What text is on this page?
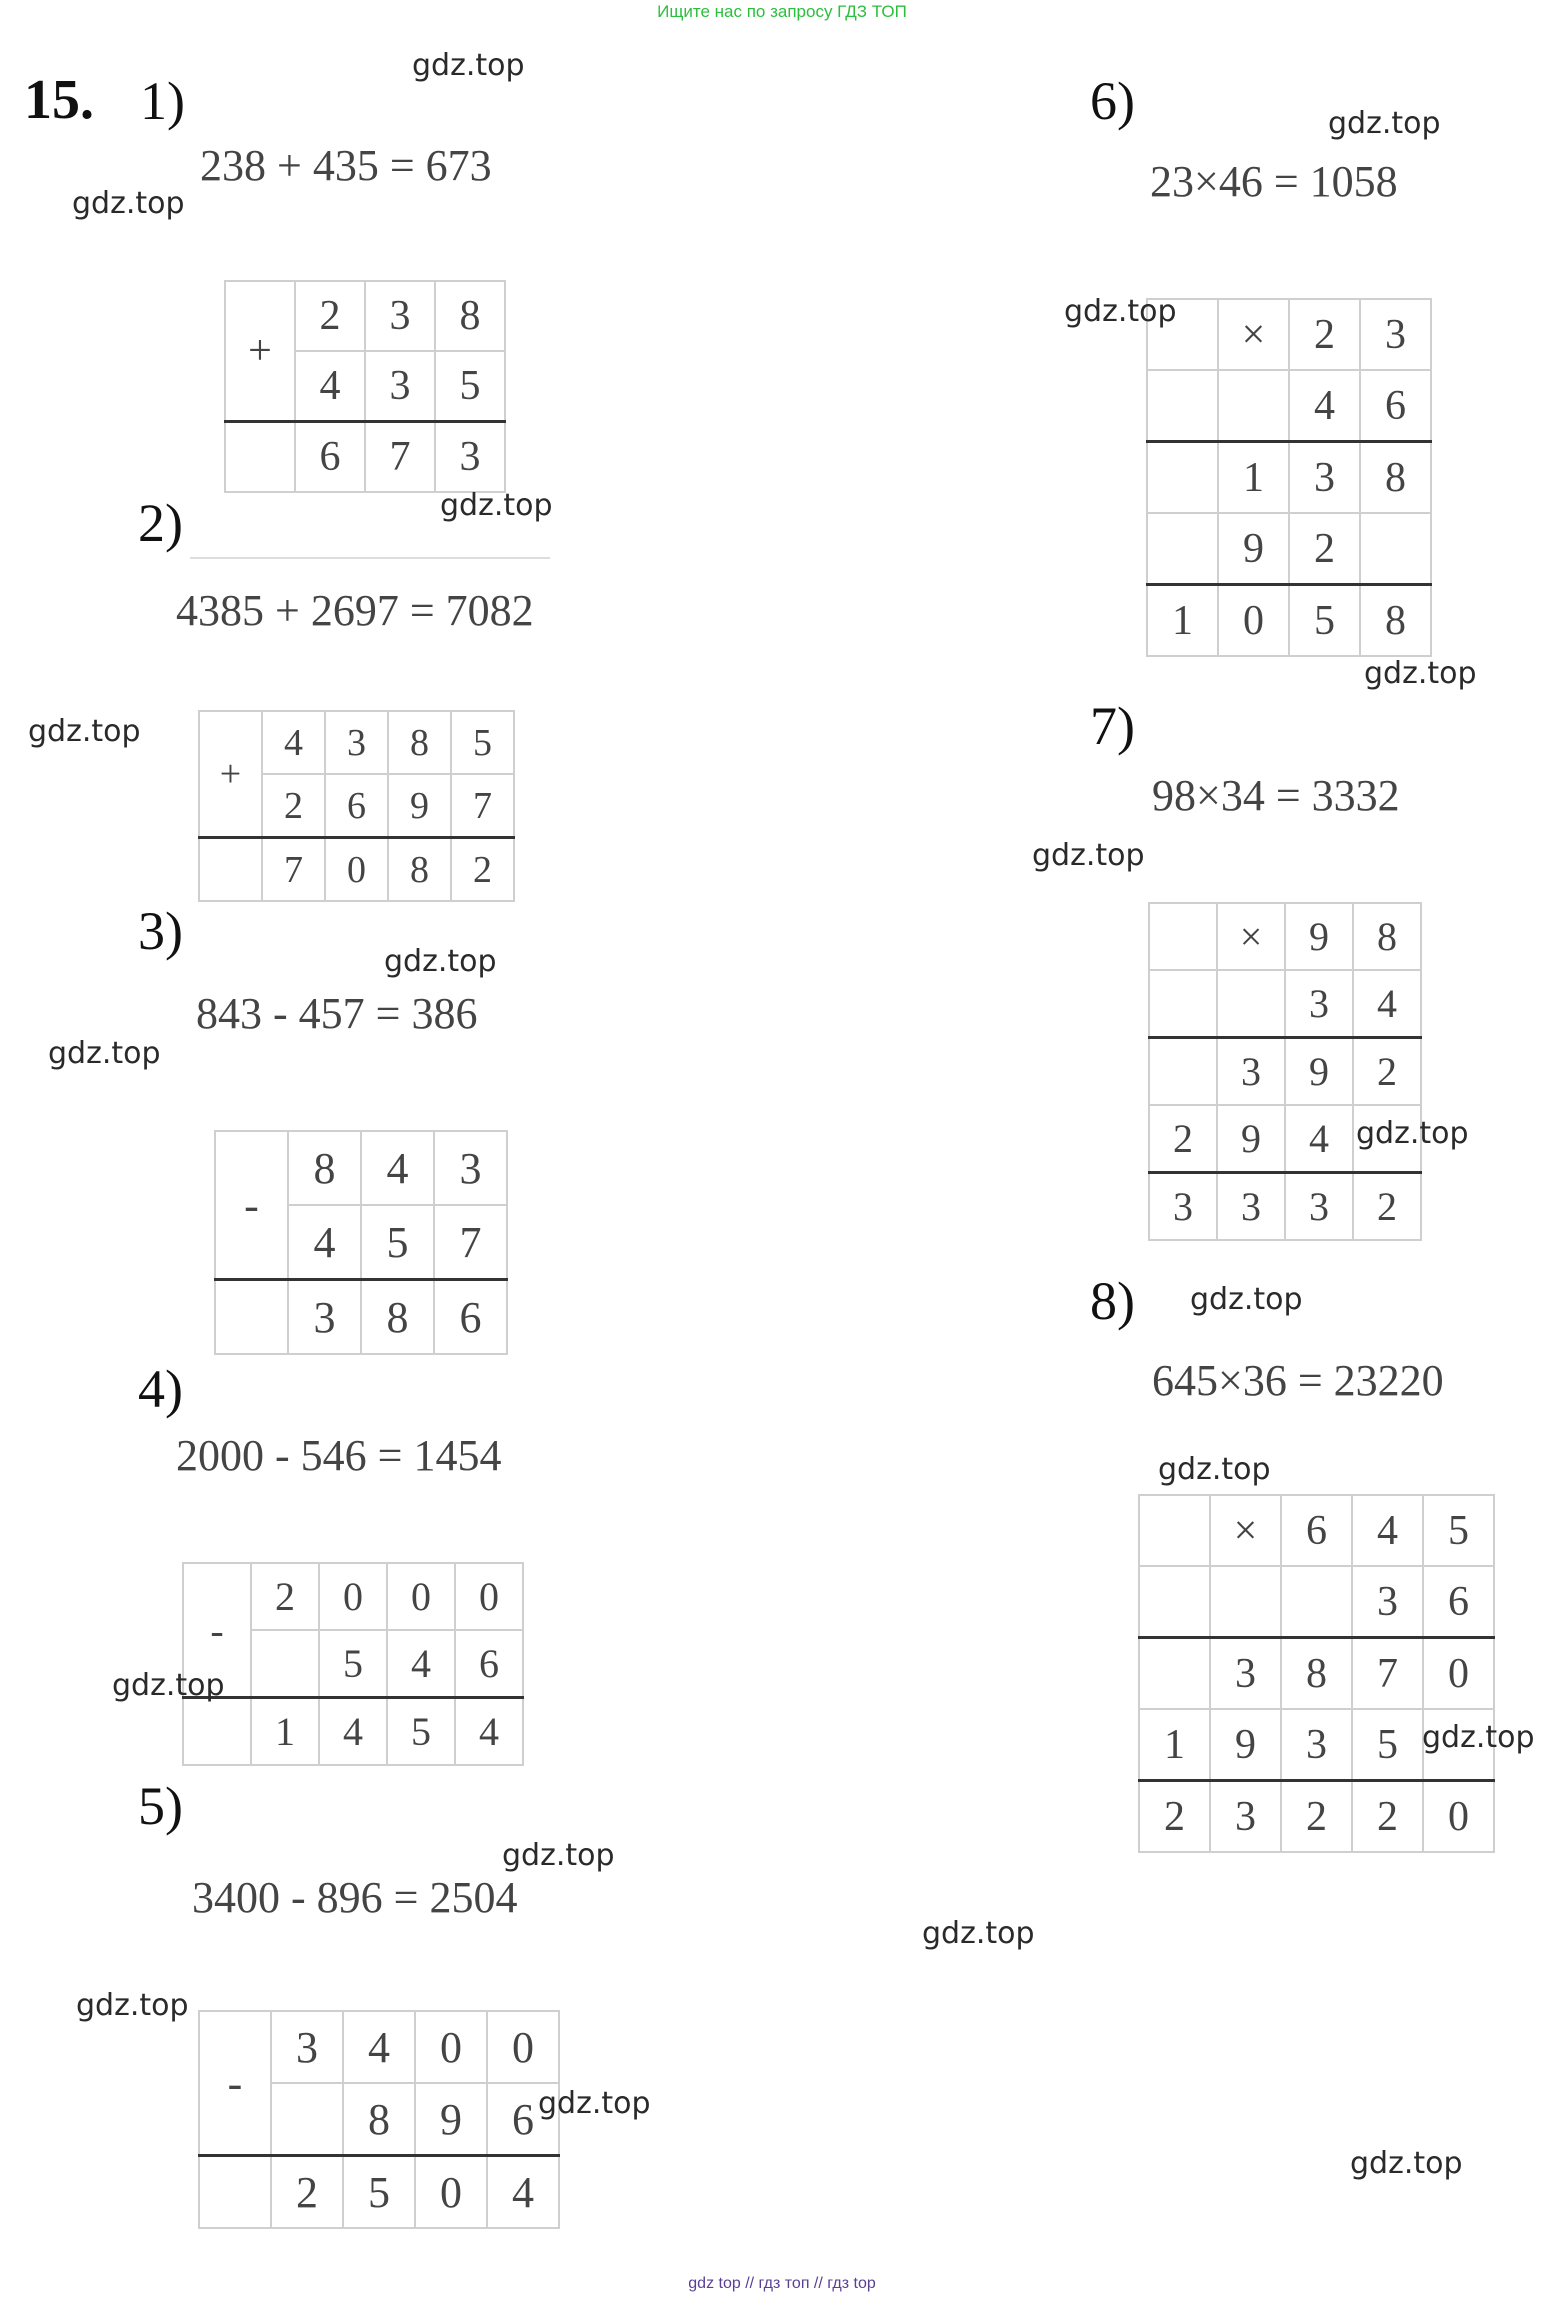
Ищите нас по запросу ГДЗ ТОП
15. 1)
2)
3)
4)
5)
6)
7)
8)
238 + 435 = 673
4385 + 2697 = 7082
843 - 457 = 386
2000 - 546 = 1454
3400 - 896 = 2504
23×46 = 1058
98×34 = 3332
645×36 = 23220
+	2	3	8
	4	3	5
	6	7	3
+	4	3	8	5
	2	6	9	7
	7	0	8	2
-	8	4	3
	4	5	7
	3	8	6
-	2	0	0	0
		5	4	6
	1	4	5	4
-	3	4	0	0
		8	9	6
	2	5	0	4
	×	2	3
		4	6
	1	3	8
	9	2	
1	0	5	8
	×	9	8
		3	4
	3	9	2
2	9	4	
3	3	3	2
	×	6	4	5
			3	6
	3	8	7	0
1	9	3	5	
2	3	2	2	0
gdz.top
gdz.top
gdz.top
gdz.top
gdz.top
gdz.top
gdz.top
gdz.top
gdz.top
gdz.top
gdz.top
gdz.top
gdz.top
gdz.top
gdz.top
gdz.top
gdz.top
gdz.top
gdz.top
gdz.top
gdz top // гдз топ // гдз top
